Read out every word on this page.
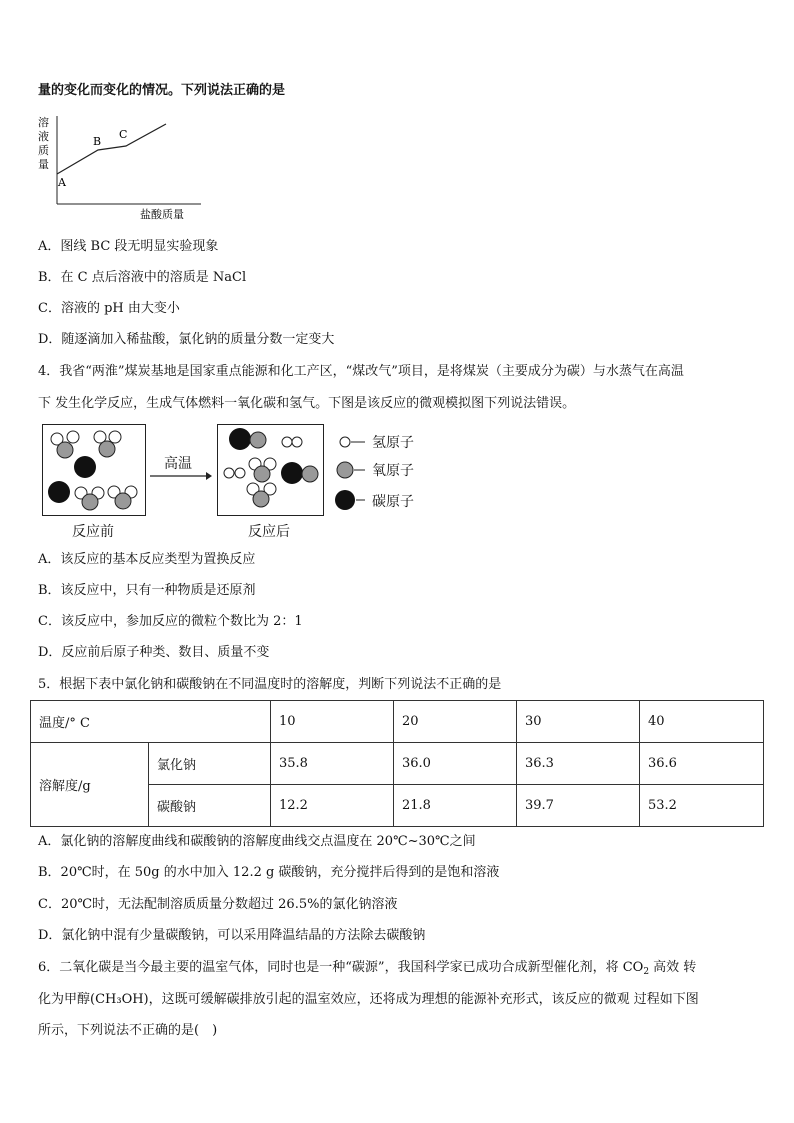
量的变化而变化的情况。下列说法正确的是
溶
液
质
量
A
B
C
盐酸质量
A．图线 BC 段无明显实验现象
B．在 C 点后溶液中的溶质是 NaCl
C．溶液的 pH 由大变小
D．随逐滴加入稀盐酸，氯化钠的质量分数一定变大
4．我省“两淮”煤炭基地是国家重点能源和化工产区，“煤改气”项目，是将煤炭（主要成分为碳）与水蒸气在高温
下 发生化学反应，生成气体燃料一氧化碳和氢气。下图是该反应的微观模拟图下列说法错误。
高温
反应前	反应后
氢原子
氧原子
碳原子
A．该反应的基本反应类型为置换反应
B．该反应中，只有一种物质是还原剂
C．该反应中，参加反应的微粒个数比为 2：1
D．反应前后原子种类、数目、质量不变
5．根据下表中氯化钠和碳酸钠在不同温度时的溶解度，判断下列说法不正确的是
温度/° C		10	20	30	40
溶解度/g	氯化钠	35.8	36.0	36.3	36.6
	碳酸钠	12.2	21.8	39.7	53.2
A．氯化钠的溶解度曲线和碳酸钠的溶解度曲线交点温度在 20℃~30℃之间
B．20℃时，在 50g 的水中加入 12.2 g 碳酸钠，充分搅拌后得到的是饱和溶液
C．20℃时，无法配制溶质质量分数超过 26.5%的氯化钠溶液
D．氯化钠中混有少量碳酸钠，可以采用降温结晶的方法除去碳酸钠
6．二氧化碳是当今最主要的温室气体，同时也是一种“碳源”，我国科学家已成功合成新型催化剂，将 $CO_2$ 高效 转
化为甲醇(CH₃OH)，这既可缓解碳排放引起的温室效应，还将成为理想的能源补充形式，该反应的微观 过程如下图
所示，下列说法不正确的是(　)
